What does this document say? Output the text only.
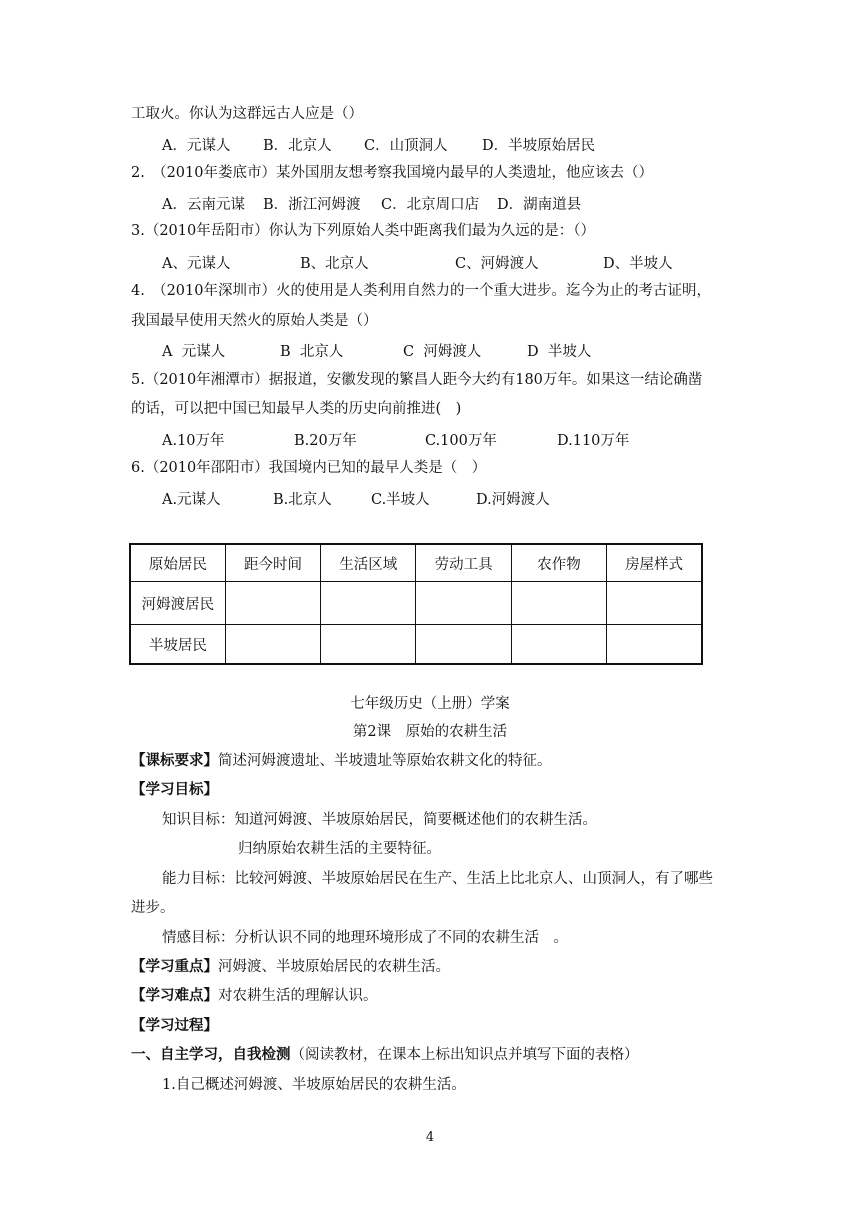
工取火。你认为这群远古人应是（）
A．元谋人 B．北京人 C．山顶洞人 D．半坡原始居民
2.　（2010年娄底市）某外国朋友想考察我国境内最早的人类遗址，他应该去（）
A．云南元谋 B．浙江河姆渡 C．北京周口店 D．湖南道县
3.（2010年岳阳市）你认为下列原始人类中距离我们最为久远的是：（）
A、元谋人	B、北京人	C、河姆渡人	D、半坡人
4.　（2010年深圳市）火的使用是人类利用自然力的一个重大进步。迄今为止的考古证明，
我国最早使用天然火的原始人类是（）
A  元谋人	B  北京人	C  河姆渡人	D  半坡人
5.（2010年湘潭市）据报道，安徽发现的繁昌人距今大约有180万年。如果这一结论确凿
的话，可以把中国已知最早人类的历史向前推进(　)
A.10万年	B.20万年	C.100万年	D.110万年
6.（2010年邵阳市）我国境内已知的最早人类是（　）
A.元谋人	B.北京人	C.半坡人	D.河姆渡人
原始居民	距今时间	生活区域	劳动工具	农作物	房屋样式
河姆渡居民					
半坡居民					
七年级历史（上册）学案
第2课　原始的农耕生活
【课标要求】简述河姆渡遗址、半坡遗址等原始农耕文化的特征。
【学习目标】
知识目标：知道河姆渡、半坡原始居民，简要概述他们的农耕生活。
归纳原始农耕生活的主要特征。
能力目标：比较河姆渡、半坡原始居民在生产、生活上比北京人、山顶洞人，有了哪些
进步。
情感目标：分析认识不同的地理环境形成了不同的农耕生活　。
【学习重点】河姆渡、半坡原始居民的农耕生活。
【学习难点】对农耕生活的理解认识。
【学习过程】
一、自主学习，自我检测（阅读教材，在课本上标出知识点并填写下面的表格）
1.自己概述河姆渡、半坡原始居民的农耕生活。
4
